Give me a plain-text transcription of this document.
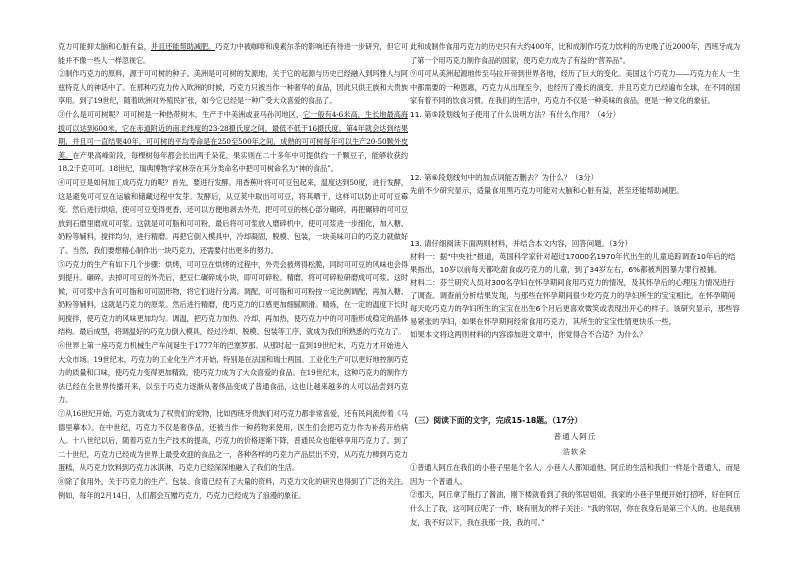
克力可能抑太脑和心脏有益，并且还能帮助减肥。巧克力中被咖啡和溴素尔茶的影响还有待进一步研究，但它可能并不像一些人一样忽视它。

②制作巧克力的原料，源于可可树的种子。美洲是可可树的发源地，关于它的起源与历史已经融入到玛雅人与阿兹特克人的神话中了。在那种巧克力传入欧洲的时候，巧克力只被当作一种奢华的食品，因此只供王族和大贵族享用。到了19世纪，随着欧洲对外殖民扩张，如今它已经是一种广受大众喜爱的食品了。

③什么是可可树呢？可可树是一种热带树木，生产于中美洲或亚马孙河地区，它一般有4-6米高，生长地最高海拔可以达到600米。它在赤道附近的南北纬度的23-28摄氏度之间，最低不低于16摄氏度。第4年就会达到结果期，并且可一直结果40年，可可树的平均寿命是在250至500年之间，成熟的可可树每年可以生产20-50颗外皮荚。在产果高峰阶段，每棵树每年都会长出两千朵花，果实则在二十多年中可提供约一千颗豆子，能够收获约18.2千克可可。18世纪，瑞典博物学家林奈在其分类命名中把可可树命名为“神的食品”。

④可可豆是如何加工成巧克力的呢？首先，要进行发酵。用香蕉叶将可可豆包起来，温度达到50度，进行发酵，这是避免可可豆在运输和储藏过程中发芽。发酵后，从豆荚中取出可可豆，将其晒干，这样可以防止可可豆霉变。然后进行烘焙，使可可豆变得更香，还可以方便地剥去外壳，把可可豆的核心部分碾碎，再把碾碎的可可豆放到石磨里磨成可可浆。这就是可可脂和可可粉，最后将可可浆放入磨碎机中，使可可浆进一步细化，加入糖、奶粉等辅料，搅拌均匀，进行精磨。再把它倒入模具中，冷却凝固，脱模、包装，一块美味可口的巧克力就做好了。当然，我们要想精心制作出一块巧克力，还需要付出更多的努力。

⑤巧克力的生产有如下几个步骤：烘烤，可可豆在烘烤的过程中，外壳会被烤得松脆，同时可可豆的风味也会得到提升。碾碎，去掉可可豆的外壳后，把豆仁碾碎成小块，即可可碎粒。精磨，将可可碎粒研磨成可可浆。这时候，可可浆中含有可可脂和可可固形物，将它们进行分离。调配，可可脂和可可粉按一定比例调配，再加入糖、奶粉等辅料，这就是巧克力的原浆。然后进行精磨，使巧克力的口感更加细腻顺滑。精炼，在一定的温度下长时间搅拌，使巧克力的风味更加均匀。调温，把巧克力加热、冷却、再加热，使巧克力中的可可脂形成稳定的晶体结构。最后成型，将调温好的巧克力倒入模具，经过冷却、脱模、包装等工序，就成为我们所熟悉的巧克力了。

⑥世界上第一座巧克力机械生产车间诞生于1777年的巴塞罗那。从那时起一直到19世纪末，巧克力才开始进入大众市场。19世纪末，巧克力的工业化生产才开始，特别是在法国和瑞士两国。工业化生产可以更好地控制巧克力的质量和口味，使巧克力变得更加精致，使巧克力成为了大众喜爱的食品。在19世纪末，这种巧克力的制作方法已经在全世界传播开来，以至于巧克力逐渐从奢侈品变成了普通食品，这也让越来越多的人可以品尝到巧克力。

⑦从16世纪开始，巧克力就成为了权贵们的宠物，比如西班牙贵族们对巧克力都非常喜爱，还有民间流传着《马德里摹本》。在中世纪，巧克力不仅是奢侈品，还被当作一种药物来使用，医生们会把巧克力作为补药开给病人。十八世纪以后，随着巧克力生产技术的提高，巧克力的价格逐渐下降，普通民众也能够享用巧克力了。到了二十世纪，巧克力已经成为世界上最受欢迎的食品之一，各种各样的巧克力产品层出不穷，从巧克力棒到巧克力蛋糕，从巧克力饮料到巧克力冰淇淋，巧克力已经深深地融入了我们的生活。

⑧除了食用外，关于巧克力的生产、包装、食谱已经有了大量的资料，巧克力文化的研究也得到了广泛的关注。例如，每年的2月14日，人们都会互赠巧克力，巧克力已经成为了浪漫的象征。

此和成制作食用巧克力的历史只有大约400年，比和成制作巧克力饮料的历史晚了近2000年，西班牙成为了第一个用巧克力制作食品的国家，使巧克力成为了有益的“营养品”。

⑨可可从美洲起源地传至马拉开帝到世界各地，经历了巨大的变化。美国这个巧克力——巧克力在人一生中都需要的一种恩惠，巧克力从出现至今，也经历了漫长的演变，并且巧克力已经遍布全球，在不同的国家有着不同的饮食习惯。在我们的生活中，巧克力不仅是一种美味的食品，更是一种文化的象征。

11. 第⑤段划线句子使用了什么说明方法？有什么作用？（4分）

12. 第⑥段划线句中的加点词能否删去？为什么？（3分）

先前不少研究显示，适量食用黑巧克力可能对大脑和心脏有益，甚至还能帮助减肥。

13. 请仔细阅读下面两则材料，并结合本文内容，回答问题。（3分）

材料一：据“中央社”报道，英国科学家针对超过17000名1970年代出生的儿童追踪调查10年后的结果指出，10岁以前每天都吃甜食或巧克力的儿童，到了34岁左右，6%都被判因暴力罪行被捕。

材料二：芬兰研究人员对300名孕妇在怀孕期间食用巧克力的情况，及其怀孕后的心理压力情况进行了调查。调查前分析结果发现，与那些在怀孕期间很少吃巧克力的孕妇所生的宝宝相比，在怀孕期间每天吃巧克力的孕妇所生的宝宝在出生6个月后更喜欢微笑或表现出开心的样子。该研究显示，那些容易紧张的孕妇，如果在怀孕期间经常食用巧克力，其所生的宝宝性情更快乐一些。

如果本文将这两则材料的内容添加进文章中，你觉得合不合适？为什么？

（三）阅读下面的文字，完成15-18题。（17分）

普通人阿丘

浩软朵

①普通人阿丘在我们的小巷子里是个名人，小巷人人都知道他。阿丘的生活和我们一样是个普通人，而是因为一个普通人。

②那天，阿丘拿了瓶打了酱油，刚下楼就看到了我的邻居姐姐，我家的小巷子里便开始打招呼，好在阿丘什么上了我，这可阿丘呢了一件，晓有朋友的样子关注：“我的邻居，你在我身后是第三个人的。也是我朋友，我不好以下，我在我那一段，我的可。”
